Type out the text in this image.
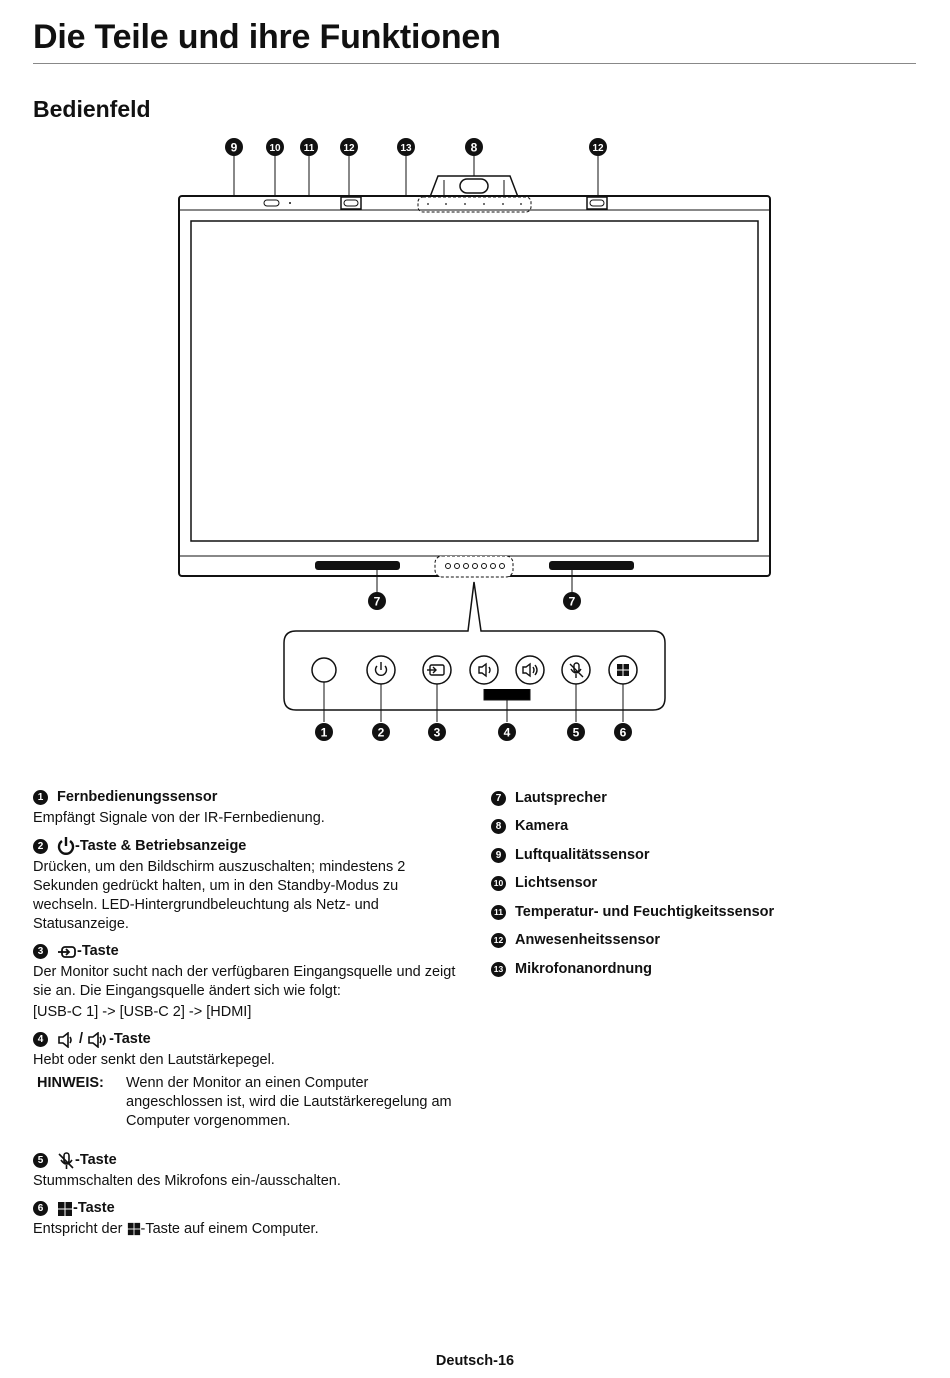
Die Teile und ihre Funktionen
Bedienfeld
9	10 11	12	13	8	12
7	7
1	2	3	4	5	6
1 Fernbedienungssensor

Empfängt Signale von der IR-Fernbedienung.

2	-Taste & Betriebsanzeige

Drücken, um den Bildschirm auszuschalten; mindestens 2 Sekunden gedrückt halten, um in den Standby-Modus zu wechseln. LED-Hintergrundbeleuchtung als Netz- und Statusanzeige.

3	-Taste

Der Monitor sucht nach der verfügbaren Eingangsquelle und zeigt sie an. Die Eingangsquelle ändert sich wie folgt:

[USB-C 1] -> [USB-C 2] -> [HDMI]

4	/ -Taste

Hebt oder senkt den Lautstärkepegel.

HINWEIS:	Wenn der Monitor an einen Computer angeschlossen ist, wird die Lautstärkeregelung am Computer vorgenommen.
5	-Taste

Stummschalten des Mikrofons ein-/ausschalten.

6	-Taste

Entspricht der -Taste auf einem Computer.

7 Lautsprecher
8 Kamera
9 Luftqualitätssensor
10 Lichtsensor
11 Temperatur- und Feuchtigkeitssensor
12 Anwesenheitssensor
13 Mikrofonanordnung
Deutsch-16
